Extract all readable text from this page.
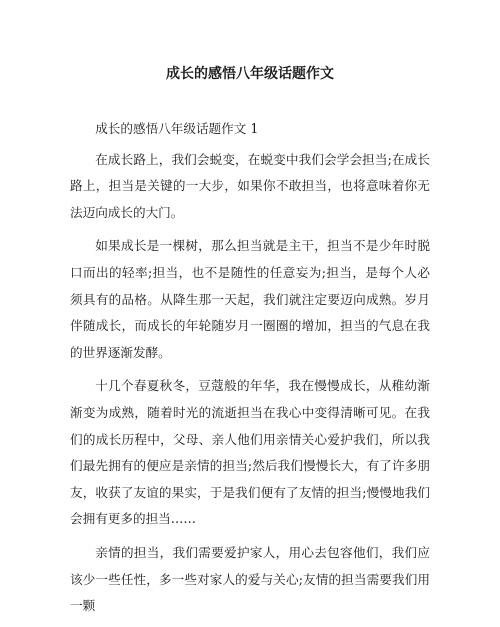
成长的感悟八年级话题作文

成长的感悟八年级话题作文 1

在成长路上，我们会蜕变，在蜕变中我们会学会担当;在成长路上，担当是关键的一大步，如果你不敢担当，也将意味着你无法迈向成长的大门。

如果成长是一棵树，那么担当就是主干，担当不是少年时脱口而出的轻率;担当，也不是随性的任意妄为;担当，是每个人必须具有的品格。从降生那一天起，我们就注定要迈向成熟。岁月伴随成长，而成长的年轮随岁月一圈圈的增加，担当的气息在我的世界逐渐发酵。

十几个春夏秋冬，豆蔻般的年华，我在慢慢成长，从稚幼渐渐变为成熟，随着时光的流逝担当在我心中变得清晰可见。在我们的成长历程中，父母、亲人他们用亲情关心爱护我们，所以我们最先拥有的便应是亲情的担当;然后我们慢慢长大，有了许多朋友，收获了友谊的果实，于是我们便有了友情的担当;慢慢地我们会拥有更多的担当……

亲情的担当，我们需要爱护家人，用心去包容他们，我们应该少一些任性，多一些对家人的爱与关心;友情的担当需要我们用一颗
